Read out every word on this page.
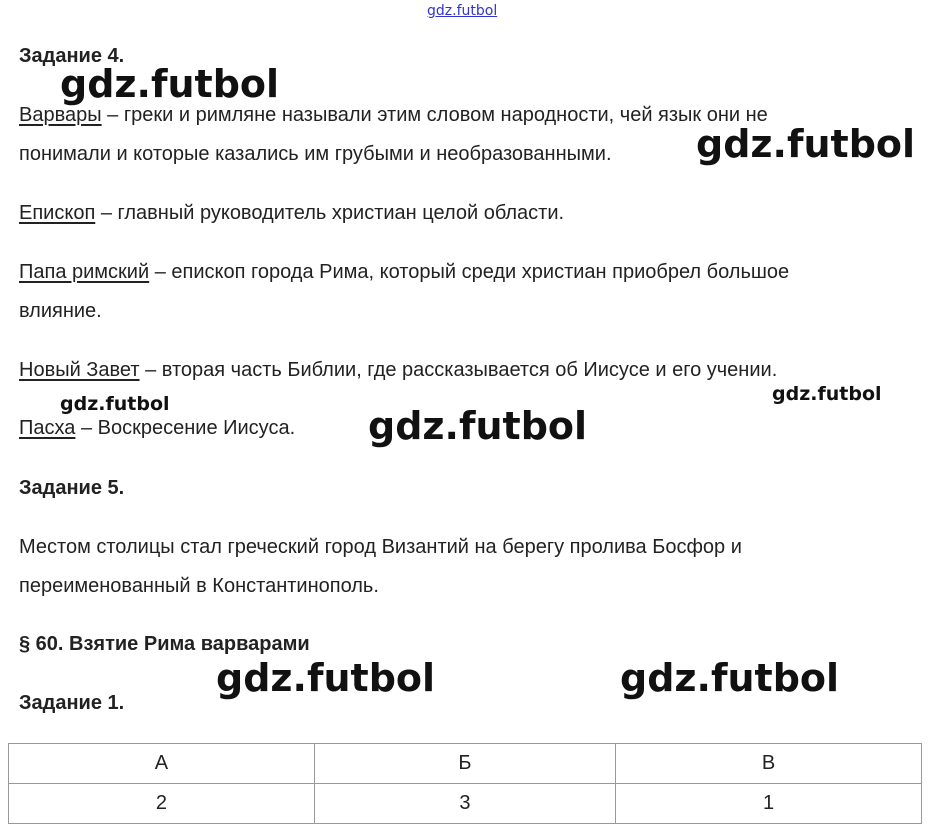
gdz.futbol
Задание 4.
Варвары – греки и римляне называли этим словом народности, чей язык они не
понимали и которые казались им грубыми и необразованными.
Епископ – главный руководитель христиан целой области.
Папа римский – епископ города Рима, который среди христиан приобрел большое
влияние.
Новый Завет – вторая часть Библии, где рассказывается об Иисусе и его учении.
Пасха – Воскресение Иисуса.
Задание 5.
Местом столицы стал греческий город Византий на берегу пролива Босфор и
переименованный в Константинополь.
§ 60. Взятие Рима варварами
Задание 1.
А	Б	В
2	3	1
gdz.futbol
gdz.futbol
gdz.futbol	gdz.futbol
gdz.futbol
gdz.futbol	gdz.futbol
